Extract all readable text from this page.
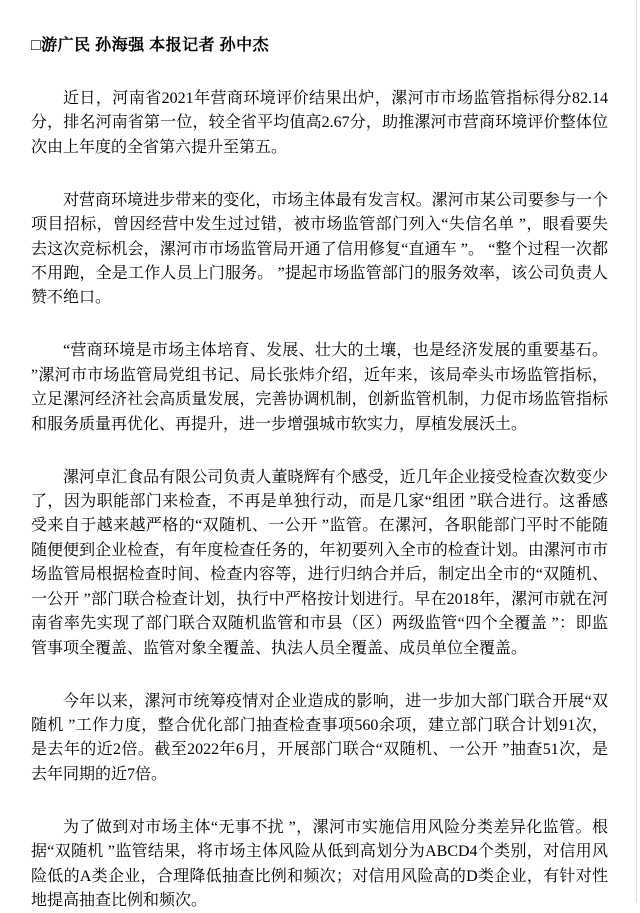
□游广民 孙海强 本报记者 孙中杰

近日，河南省2021年营商环境评价结果出炉，漯河市市场监管指标得分82.14分，排名河南省第一位，较全省平均值高2.67分，助推漯河市营商环境评价整体位次由上年度的全省第六提升至第五。

对营商环境进步带来的变化，市场主体最有发言权。漯河市某公司要参与一个项目招标，曾因经营中发生过过错，被市场监管部门列入“失信名单 ”，眼看要失去这次竞标机会，漯河市市场监管局开通了信用修复“直通车 ”。 “整个过程一次都不用跑，全是工作人员上门服务。 ”提起市场监管部门的服务效率，该公司负责人赞不绝口。

“营商环境是市场主体培育、发展、壮大的土壤，也是经济发展的重要基石。 ”漯河市市场监管局党组书记、局长张炜介绍，近年来，该局牵头市场监管指标，立足漯河经济社会高质量发展，完善协调机制，创新监管机制，力促市场监管指标和服务质量再优化、再提升，进一步增强城市软实力，厚植发展沃土。

漯河卓汇食品有限公司负责人董晓辉有个感受，近几年企业接受检查次数变少了，因为职能部门来检查，不再是单独行动，而是几家“组团 ”联合进行。这番感受来自于越来越严格的“双随机、一公开 ”监管。在漯河，各职能部门平时不能随随便便到企业检查，有年度检查任务的，年初要列入全市的检查计划。由漯河市市场监管局根据检查时间、检查内容等，进行归纳合并后，制定出全市的“双随机、一公开 ”部门联合检查计划，执行中严格按计划进行。早在2018年，漯河市就在河南省率先实现了部门联合双随机监管和市县（区）两级监管“四个全覆盖 ”：即监管事项全覆盖、监管对象全覆盖、执法人员全覆盖、成员单位全覆盖。

今年以来，漯河市统筹疫情对企业造成的影响，进一步加大部门联合开展“双随机 ”工作力度，整合优化部门抽查检查事项560余项，建立部门联合计划91次，是去年的近2倍。截至2022年6月，开展部门联合“双随机、一公开 ”抽查51次，是去年同期的近7倍。

为了做到对市场主体“无事不扰 ”，漯河市实施信用风险分类差异化监管。根据“双随机 ”监管结果，将市场主体风险从低到高划分为ABCD4个类别，对信用风险低的A类企业，合理降低抽查比例和频次；对信用风险高的D类企业，有针对性地提高抽查比例和频次。
